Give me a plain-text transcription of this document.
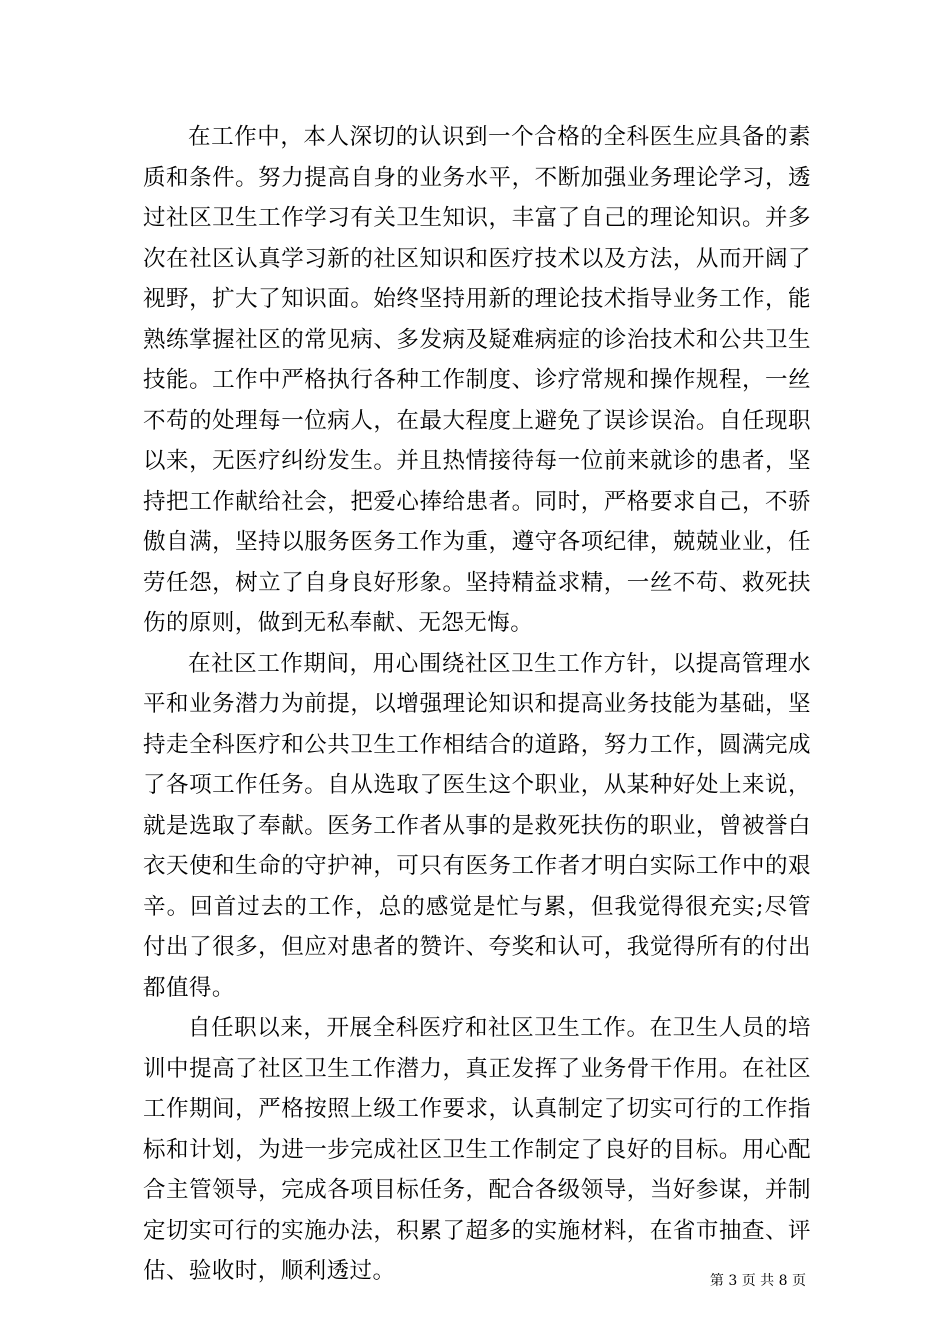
在工作中，本人深切的认识到一个合格的全科医生应具备的素质和条件。努力提高自身的业务水平，不断加强业务理论学习，透过社区卫生工作学习有关卫生知识，丰富了自己的理论知识。并多次在社区认真学习新的社区知识和医疗技术以及方法，从而开阔了视野，扩大了知识面。始终坚持用新的理论技术指导业务工作，能熟练掌握社区的常见病、多发病及疑难病症的诊治技术和公共卫生技能。工作中严格执行各种工作制度、诊疗常规和操作规程，一丝不苟的处理每一位病人，在最大程度上避免了误诊误治。自任现职以来，无医疗纠纷发生。并且热情接待每一位前来就诊的患者，坚持把工作献给社会，把爱心捧给患者。同时，严格要求自己，不骄傲自满，坚持以服务医务工作为重，遵守各项纪律，兢兢业业，任劳任怨，树立了自身良好形象。坚持精益求精，一丝不苟、救死扶伤的原则，做到无私奉献、无怨无悔。

在社区工作期间，用心围绕社区卫生工作方针，以提高管理水平和业务潜力为前提，以增强理论知识和提高业务技能为基础，坚持走全科医疗和公共卫生工作相结合的道路，努力工作，圆满完成了各项工作任务。自从选取了医生这个职业，从某种好处上来说，就是选取了奉献。医务工作者从事的是救死扶伤的职业，曾被誉白衣天使和生命的守护神，可只有医务工作者才明白实际工作中的艰辛。回首过去的工作，总的感觉是忙与累，但我觉得很充实;尽管付出了很多，但应对患者的赞许、夸奖和认可，我觉得所有的付出都值得。

自任职以来，开展全科医疗和社区卫生工作。在卫生人员的培训中提高了社区卫生工作潜力，真正发挥了业务骨干作用。在社区工作期间，严格按照上级工作要求，认真制定了切实可行的工作指标和计划，为进一步完成社区卫生工作制定了良好的目标。用心配合主管领导，完成各项目标任务，配合各级领导，当好参谋，并制定切实可行的实施办法，积累了超多的实施材料，在省市抽查、评估、验收时，顺利透过。	第 3 页 共 8 页
